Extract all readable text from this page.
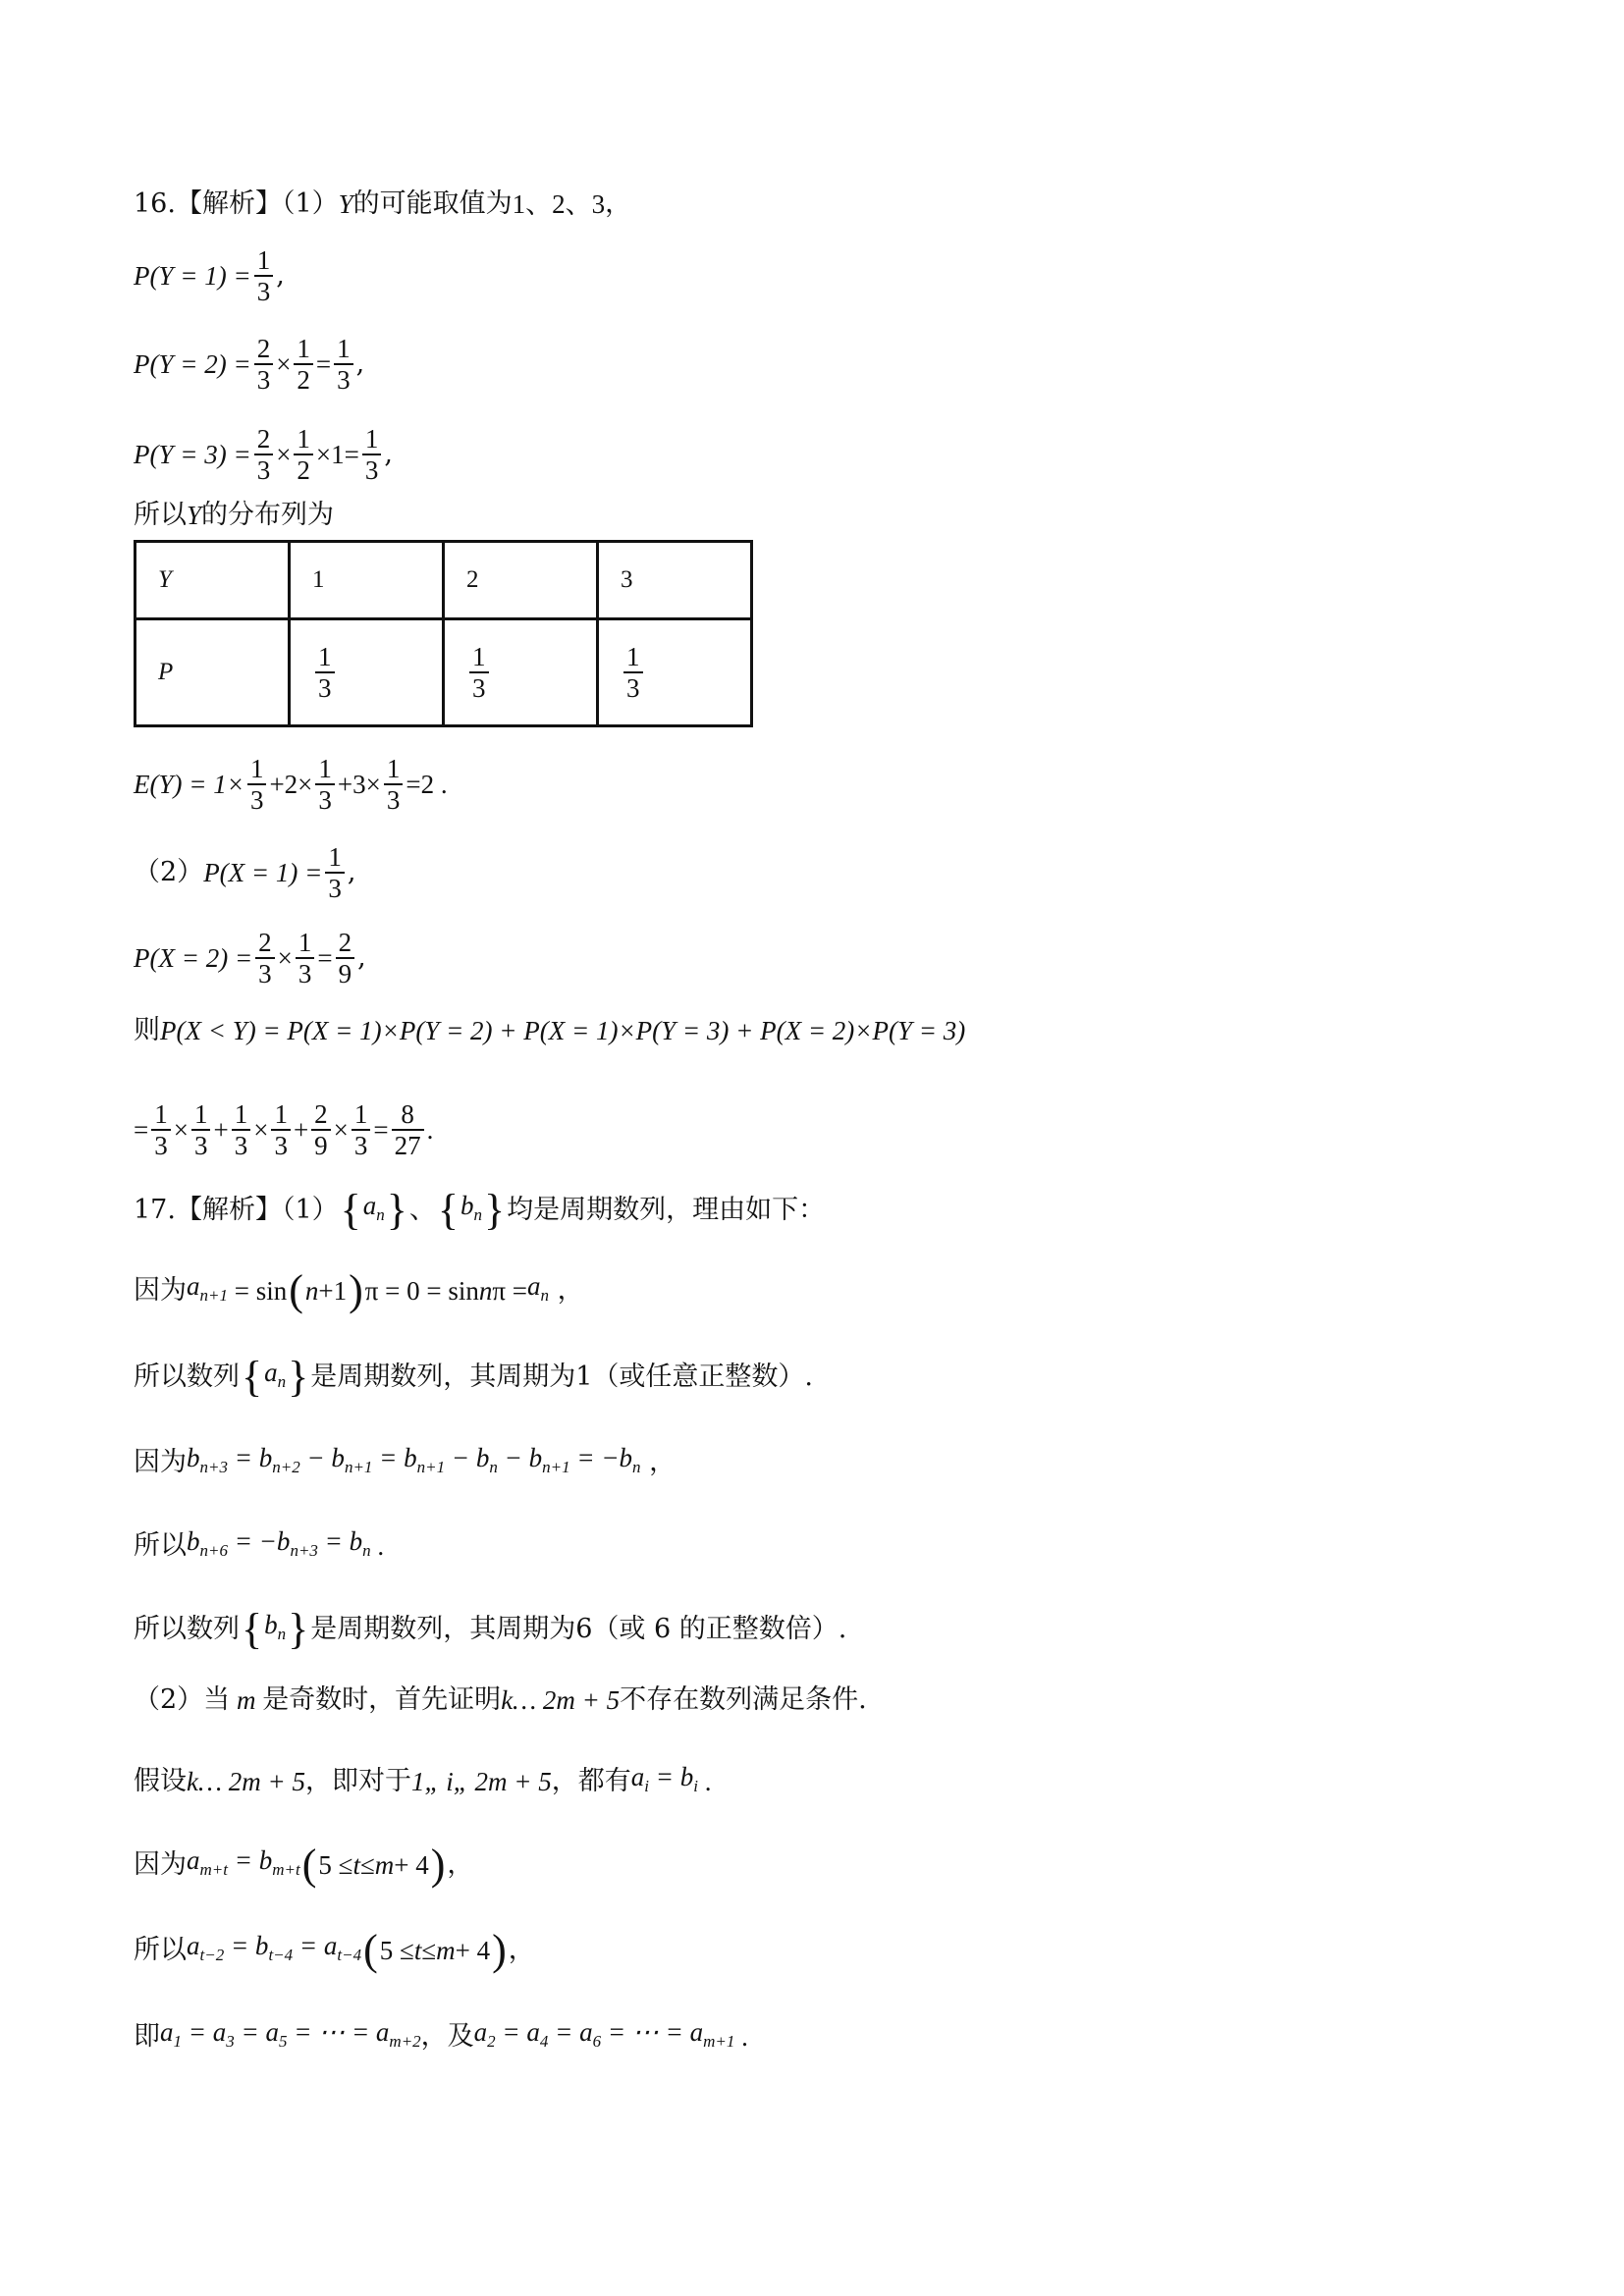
16.【解析】（1） Y 的可能取值为 1、2、3 ，
$P(Y = 1) = \frac{1}{3}$ ,
$P(Y = 2) = \frac{2}{3} \times \frac{1}{2} = \frac{1}{3}$ ,
$P(Y = 3) = \frac{2}{3} \times \frac{1}{2} \times 1= \frac{1}{3}$ ,
所以 Y 的分布列为
Y	1	2	3
P	$\frac{1}{3}$	$\frac{1}{3}$	$\frac{1}{3}$
$E(Y) = 1\times \frac{1}{3} +2\times \frac{1}{3} +3\times \frac{1}{3} =2$ .
（2） $P(X = 1) = \frac{1}{3}$ ,
$P(X = 2) = \frac{2}{3} \times \frac{1}{3} = \frac{2}{9}$ ,
则 P(X < Y) = P(X = 1)×P(Y = 2) + P(X = 1)×P(Y = 3) + P(X = 2)×P(Y = 3)
= $\frac{1}{3} \times \frac{1}{3} + \frac{1}{3} \times \frac{1}{3} + \frac{2}{9} \times \frac{1}{3} = \frac{8}{27}$ .
17.【解析】（1） { $a_n$ } 、 { $b_n$ } 均是周期数列，理由如下：
因为 $a_{n+1} = \sin$ ( n +1 ) π = 0 = sin n $\pi = a_n$ ，
所以 数列 { $a_n$ } 是周期数列，其周期为 1（或任意正整数）.
因为 $b_{n+3} = b_{n+2} - b_{n+1} = b_{n+1} - b_n - b_{n+1} = -b_n$ ，
所以 $b_{n+6} = -b_{n+3} = b_n$ .
所以 数列 { $b_n$ } 是周期数列，其周期为 6（或 6 的正整数倍）.
（2）当 m 是奇数时，首先证明 k… 2m + 5 不存在数列满足条件.
假设 k… 2m + 5 ，即对于 1„ i„ 2m + 5 ，都有 $a_i = b_i$ .
因为 $a_{m+t} = b_{m+t}$ ( 5 ≤ t ≤ m + 4 ) ，
所以 $a_{t-2} = b_{t-4} = a_{t-4}$ ( 5 ≤ t ≤ m + 4 ) ，
即 $a_1 = a_3 = a_5$ = ⋯ = $a_{m+2}$ ，及 $a_2 = a_4 = a_6$ = ⋯ = $a_{m+1}$ .
